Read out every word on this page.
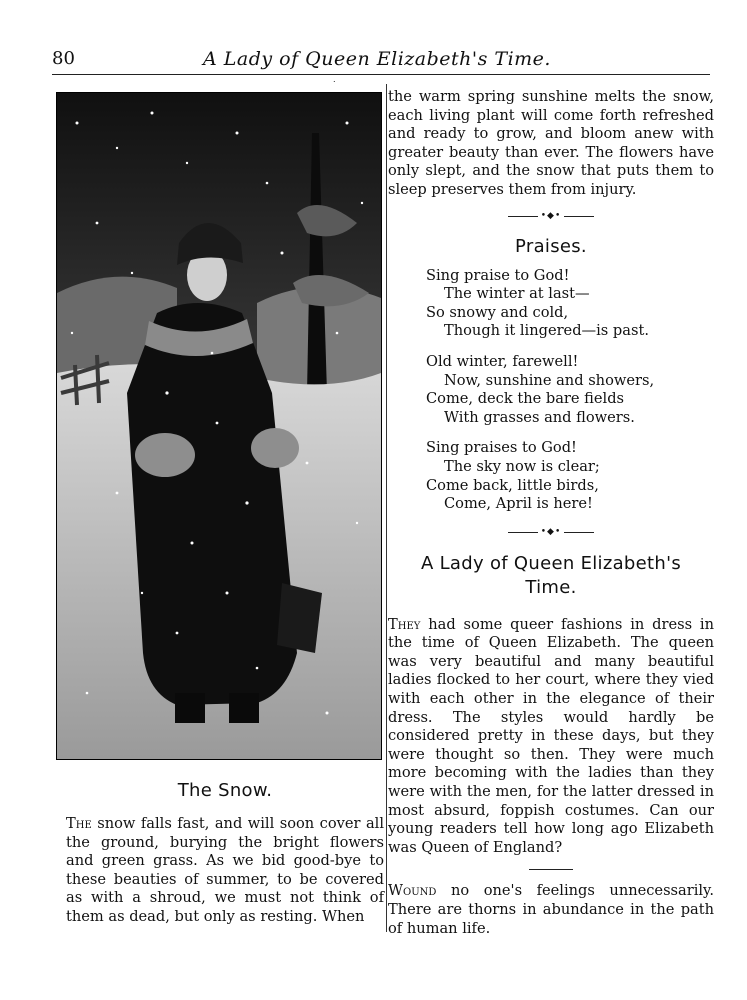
80	A Lady of Queen Elizabeth's Time.
.
The Snow.

The snow falls fast, and will soon cover all the ground, burying the bright flowers and green grass. As we bid good-bye to these beauties of summer, to be covered as with a shroud, we must not think of them as dead, but only as resting. When

the warm spring sunshine melts the snow, each living plant will come forth refreshed and ready to grow, and bloom anew with greater beauty than ever. The flowers have only slept, and the snow that puts them to sleep preserves them from injury.

•◆•
Praises.
Sing praise to God!
The winter at last—
So snowy and cold,
Though it lingered—is past.
Old winter, farewell!
Now, sunshine and showers,
Come, deck the bare fields
With grasses and flowers.
Sing praises to God!
The sky now is clear;
Come back, little birds,
Come, April is here!
•◆•
A Lady of Queen Elizabeth's Time.

They had some queer fashions in dress in the time of Queen Elizabeth. The queen was very beautiful and many beautiful ladies flocked to her court, where they vied with each other in the elegance of their dress. The styles would hardly be considered pretty in these days, but they were thought so then. They were much more becoming with the ladies than they were with the men, for the latter dressed in most absurd, foppish costumes. Can our young readers tell how long ago Elizabeth was Queen of England?

Wound no one's feelings unnecessarily. There are thorns in abundance in the path of human life.
